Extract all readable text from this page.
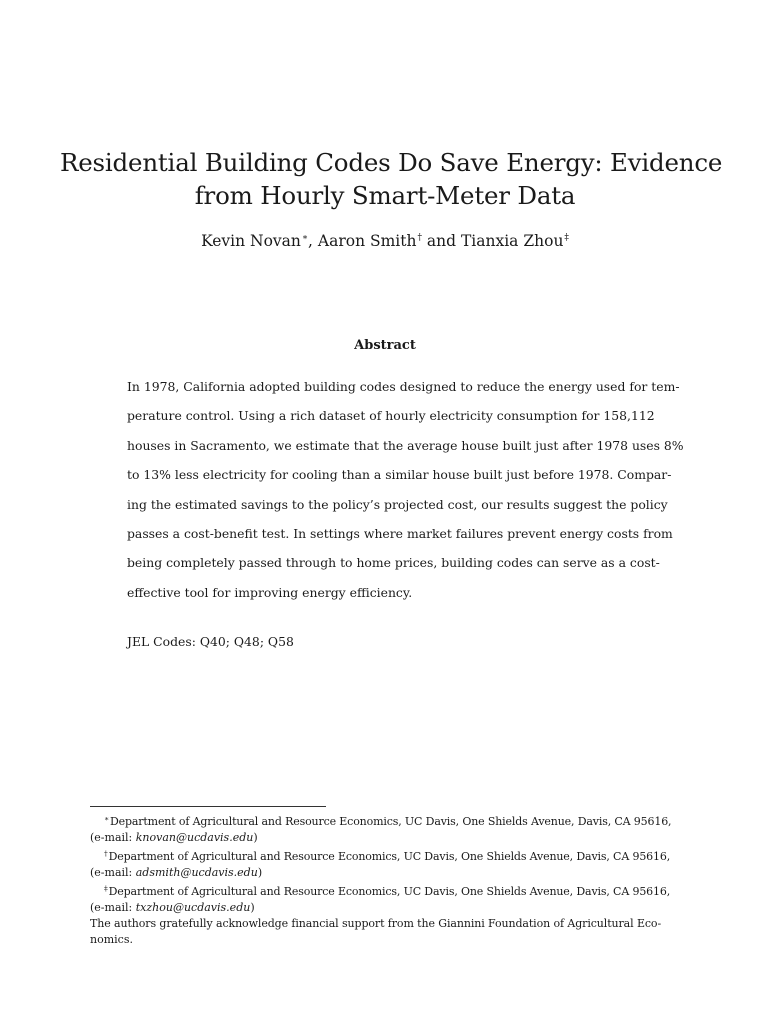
Residential Building Codes Do Save Energy: Evidence
from Hourly Smart-Meter Data
Kevin Novan∗, Aaron Smith† and Tianxia Zhou‡
Abstract

In 1978, California adopted building codes designed to reduce the energy used for tem-
perature control. Using a rich dataset of hourly electricity consumption for 158,112
houses in Sacramento, we estimate that the average house built just after 1978 uses 8%
to 13% less electricity for cooling than a similar house built just before 1978. Compar-
ing the estimated savings to the policy’s projected cost, our results suggest the policy
passes a cost-benefit test. In settings where market failures prevent energy costs from
being completely passed through to home prices, building codes can serve as a cost-
effective tool for improving energy efficiency.

JEL Codes: Q40; Q48; Q58
∗Department of Agricultural and Resource Economics, UC Davis, One Shields Avenue, Davis, CA 95616,
(e-mail: knovan@ucdavis.edu)
†Department of Agricultural and Resource Economics, UC Davis, One Shields Avenue, Davis, CA 95616,
(e-mail: adsmith@ucdavis.edu)
‡Department of Agricultural and Resource Economics, UC Davis, One Shields Avenue, Davis, CA 95616,
(e-mail: txzhou@ucdavis.edu)
The authors gratefully acknowledge financial support from the Giannini Foundation of Agricultural Eco-
nomics.
